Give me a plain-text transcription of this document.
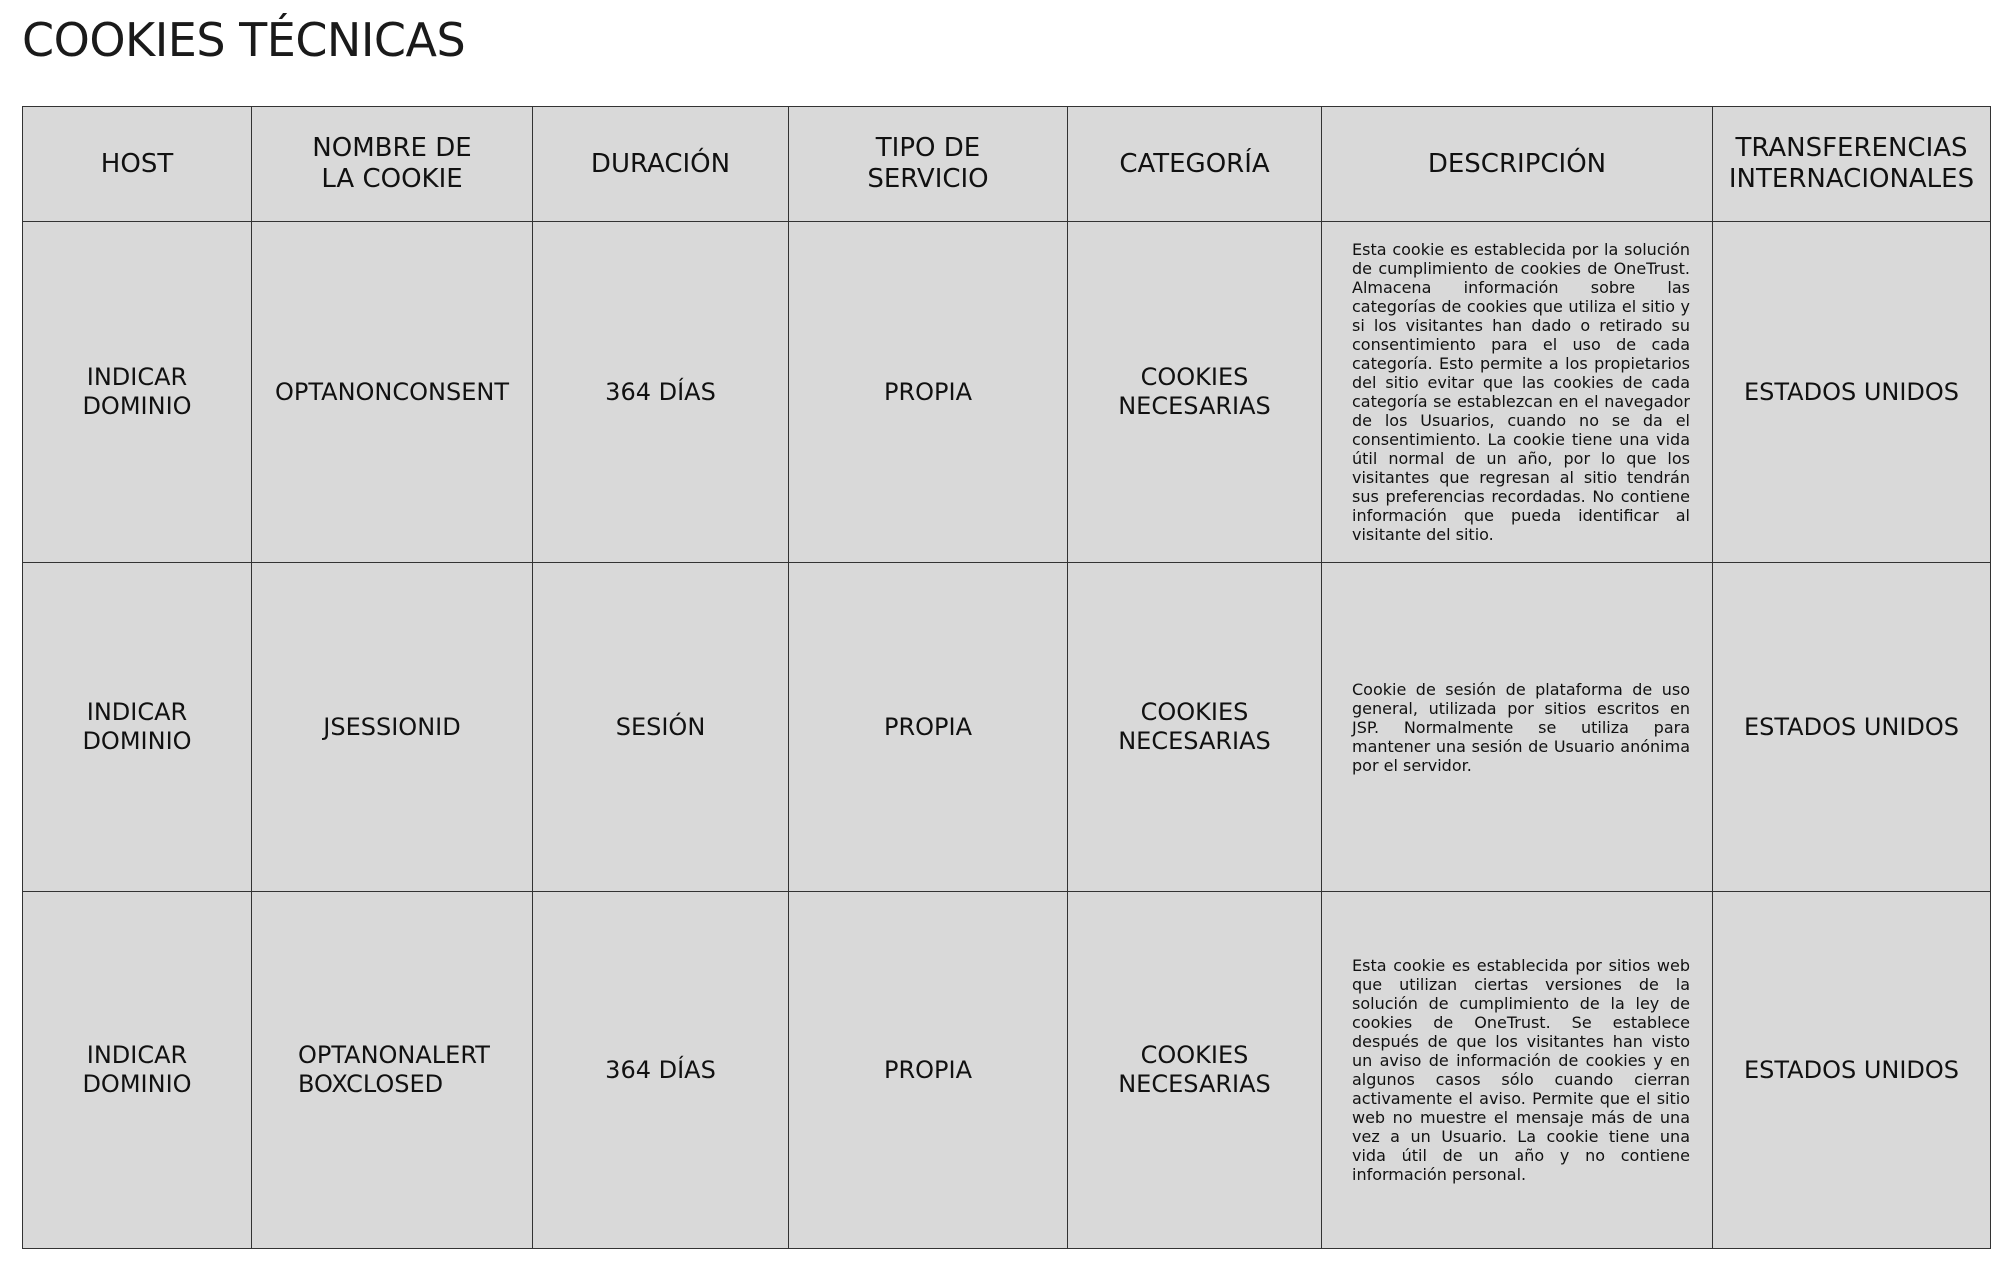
COOKIES TÉCNICAS
HOST	NOMBRE DE
LA COOKIE	DURACIÓN	TIPO DE
SERVICIO	CATEGORÍA	DESCRIPCIÓN	TRANSFERENCIAS
INTERNACIONALES

INDICAR DOMINIO	OPTANONCONSENT	364 DÍAS	PROPIA	COOKIES
NECESARIAS	Esta cookie es establecida por la solución de cumplimiento de cookies de OneTrust. Almacena información sobre las categorías de cookies que utiliza el sitio y si los visitantes han dado o retirado su consentimiento para el uso de cada categoría. Esto permite a los propietarios del sitio evitar que las cookies de cada categoría se establezcan en el navegador de los Usuarios, cuando no se da el consentimiento. La cookie tiene una vida útil normal de un año, por lo que los visitantes que regresan al sitio tendrán sus preferencias recordadas. No contiene información que pueda identificar al visitante del sitio.	ESTADOS UNIDOS
INDICAR DOMINIO	JSESSIONID	SESIÓN	PROPIA	COOKIES
NECESARIAS	Cookie de sesión de plataforma de uso general, utilizada por sitios escritos en JSP. Normalmente se utiliza para mantener una sesión de Usuario anónima por el servidor.	ESTADOS UNIDOS
INDICAR DOMINIO	OPTANONALERT
BOXCLOSED	364 DÍAS	PROPIA	COOKIES
NECESARIAS	Esta cookie es establecida por sitios web que utilizan ciertas versiones de la solución de cumplimiento de la ley de cookies de OneTrust. Se establece después de que los visitantes han visto un aviso de información de cookies y en algunos casos sólo cuando cierran activamente el aviso. Permite que el sitio web no muestre el mensaje más de una vez a un Usuario. La cookie tiene una vida útil de un año y no contiene información personal.	ESTADOS UNIDOS
